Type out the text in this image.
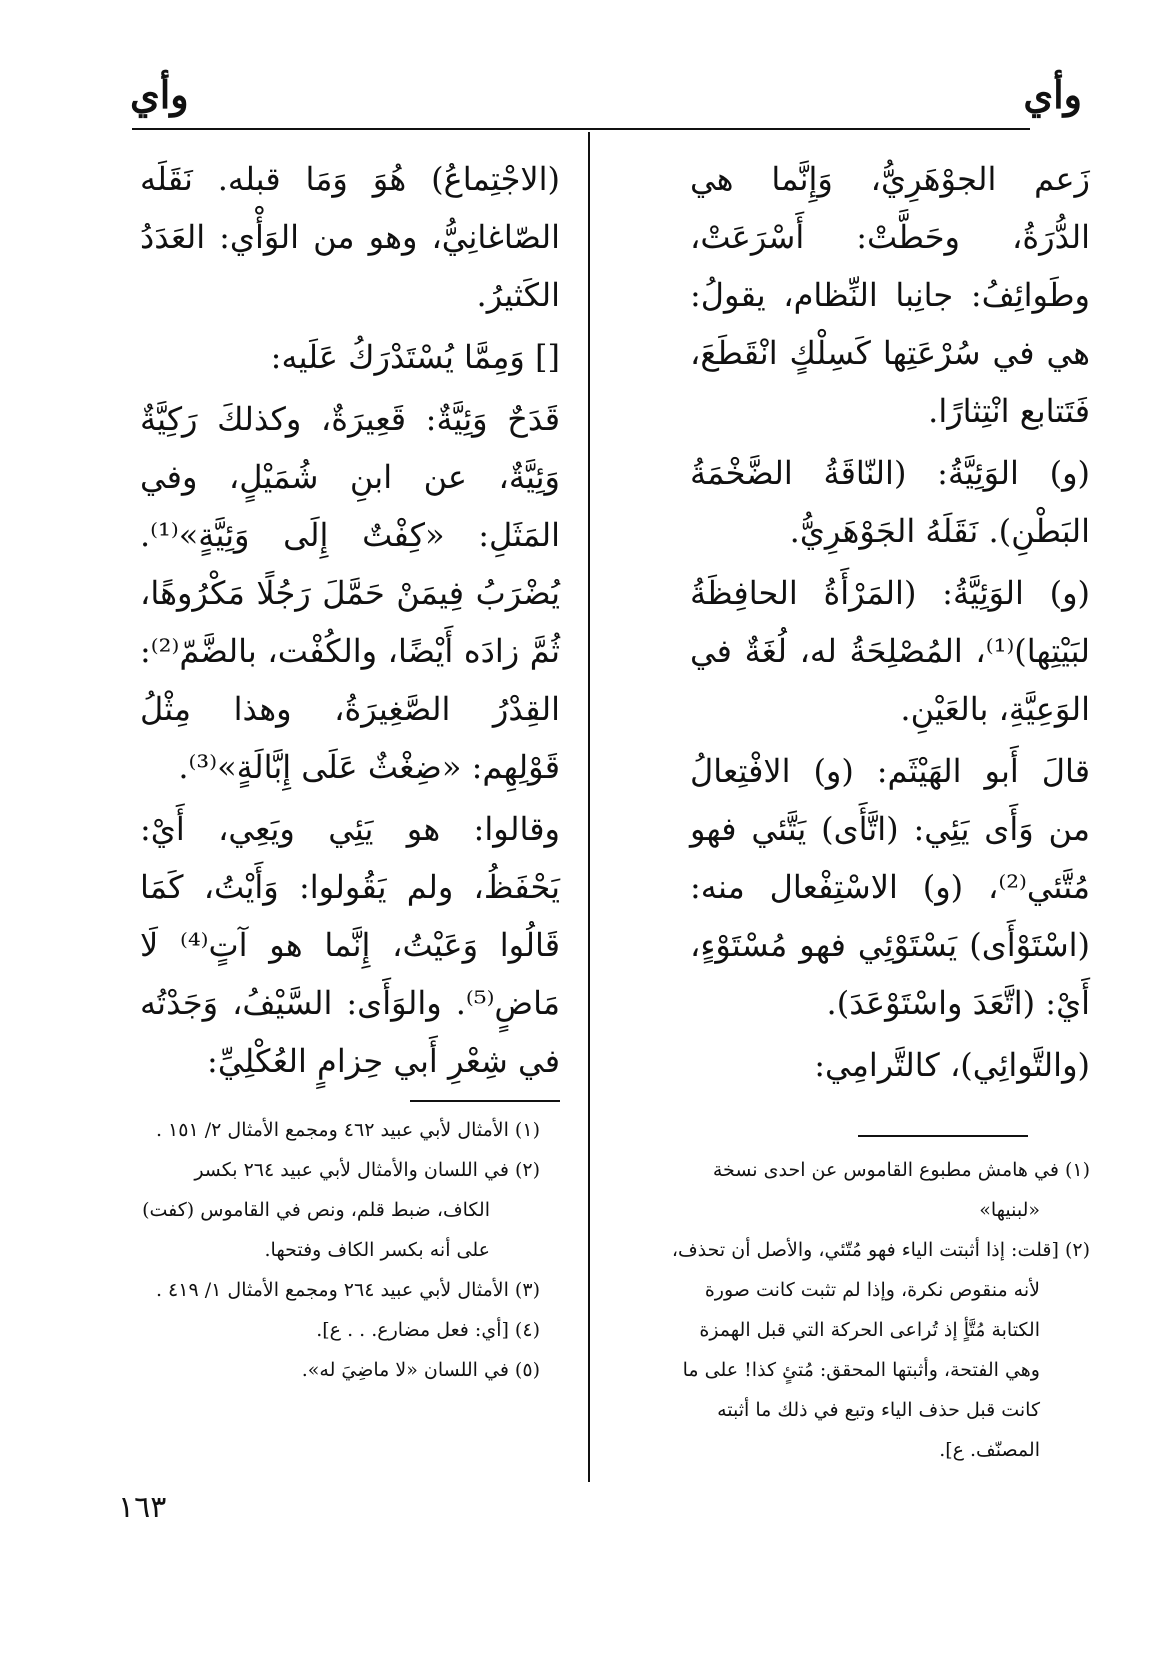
وأي
وأي

زَعم الجوْهَرِيُّ، وَإِنَّما هي الدُّرَةُ، وحَطَّتْ: أَسْرَعَتْ، وطَوائِفُ: جانِبا النِّظام، يقولُ: هي في سُرْعَتِها كَسِلْكٍ انْقَطَعَ، فَتَتابع انْتِثارًا.

(و) الوَئِيَّةُ: (النّاقَةُ الضَّخْمَةُ البَطْنِ). نَقَلَهُ الجَوْهَرِيُّ.

(و) الوَئِيَّةُ: (المَرْأَةُ الحافِظَةُ لبَيْتِها)⁽¹⁾، المُصْلِحَةُ له، لُغَةٌ في الوَعِيَّةِ، بالعَيْنِ.

قالَ أَبو الهَيْثَم: (و) الافْتِعالُ من وَأَى يَئِي: (اتَّأَى) يَتَّئي فهو مُتَّئي⁽²⁾، (و) الاسْتِفْعال منه: (اسْتَوْأَى) يَسْتَوْئِي فهو مُسْتَوْءٍ، أَيْ: (اتَّعَدَ واسْتَوْعَدَ).

(والتَّوائِي)، كالتَّرامِي:

(الاجْتِماعُ) هُوَ وَمَا قبله. نَقَلَه الصّاغانِيُّ، وهو من الوَأْي: العَدَدُ الكَثيرُ.

[] وَمِمَّا يُسْتَدْرَكُ عَلَيه:

قَدَحٌ وَئِيَّةٌ: قَعِيرَةٌ، وكذلكَ رَكِيَّةٌ وَئِيَّةٌ، عن ابنِ شُمَيْلٍ، وفي المَثَلِ: «كِفْتٌ إِلَى وَئِيَّةٍ»⁽¹⁾. يُضْرَبُ فِيمَنْ حَمَّلَ رَجُلًا مَكْرُوهًا، ثُمَّ زادَه أَيْضًا، والكُفْت، بالضَّمّ⁽²⁾: القِدْرُ الصَّغِيرَةُ، وهذا مِثْلُ قَوْلِهِم: «ضِغْثٌ عَلَى إِبَّالَةٍ»⁽³⁾.

وقالوا: هو يَئِي ويَعِي، أَيْ: يَحْفَظُ، ولم يَقُولوا: وَأَيْتُ، كَمَا قَالُوا وَعَيْتُ، إِنَّما هو آتٍ⁽⁴⁾ لَا مَاضٍ⁽⁵⁾. والوَأَى: السَّيْفُ، وَجَدْتُه في شِعْرِ أَبي حِزامٍ العُكْلِيِّ:

(١) في هامش مطبوع القاموس عن احدى نسخة «لبنيها»

(٢) [قلت: إذا أثبتت الياء فهو مُتّئي، والأصل أن تحذف، لأنه منقوص نكرة، وإذا لم تثبت كانت صورة الكتابة مُتَّأٍ إذ تُراعى الحركة التي قبل الهمزة وهي الفتحة، وأثبتها المحقق: مُتئٍ كذا! على ما كانت قبل حذف الياء وتبع في ذلك ما أثبته المصنّف. ع].

(١) الأمثال لأبي عبيد ٤٦٢ ومجمع الأمثال ٢/ ١٥١ .

(٢) في اللسان والأمثال لأبي عبيد ٢٦٤ بكسر الكاف، ضبط قلم، ونص في القاموس (كفت) على أنه بكسر الكاف وفتحها.

(٣) الأمثال لأبي عبيد ٢٦٤ ومجمع الأمثال ١/ ٤١٩ .

(٤) [أي: فعل مضارع. . . ع].

(٥) في اللسان «لا ماضِيَ له».

١٦٣
